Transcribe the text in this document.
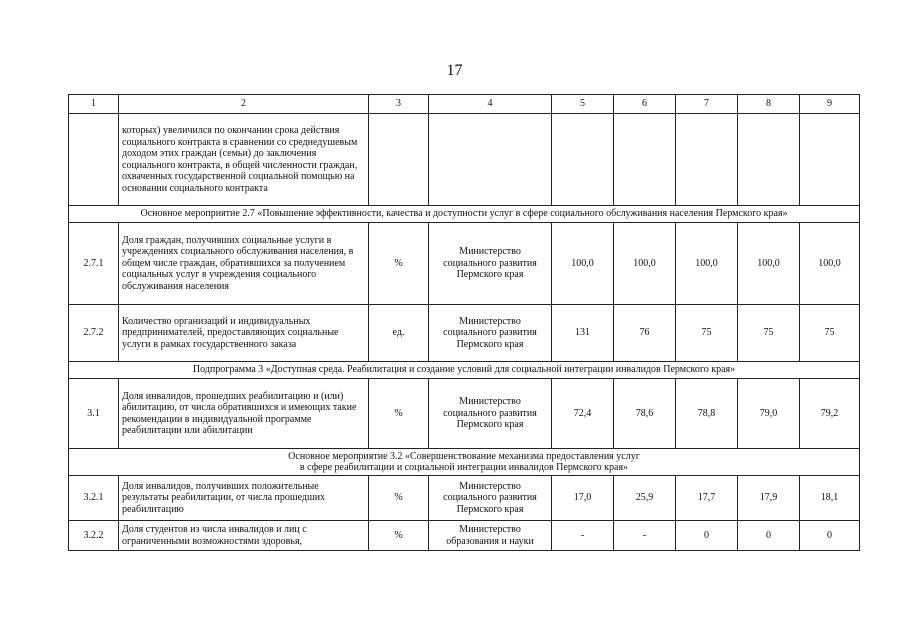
17
1	2	3	4	5	6	7	8	9
	которых) увеличился по окончании срока действия социального контракта в сравнении со среднедушевым доходом этих граждан (семьи) до заключения социального контракта, в общей численности граждан, охваченных государственной социальной помощью на основании социального контракта							
Основное мероприятие 2.7 «Повышение эффективности, качества и доступности услуг в сфере социального обслуживания населения Пермского края»								
2.7.1	Доля граждан, получивших социальные услуги в учреждениях социального обслуживания населения, в общем числе граждан, обратившихся за получением социальных услуг в учреждения социального обслуживания населения	%	Министерство социального развития Пермского края	100,0	100,0	100,0	100,0	100,0
2.7.2	Количество организаций и индивидуальных предпринимателей, предоставляющих социальные услуги в рамках государственного заказа	ед.	Министерство социального развития Пермского края	131	76	75	75	75
Подпрограмма 3 «Доступная среда. Реабилитация и создание условий для социальной интеграции инвалидов Пермского края»								
3.1	Доля инвалидов, прошедших реабилитацию и (или) абилитацию, от числа обратившихся и имеющих такие рекомендации в индивидуальной программе реабилитации или абилитации	%	Министерство социального развития Пермского края	72,4	78,6	78,8	79,0	79,2

Основное мероприятие 3.2 «Совершенствование механизма предоставления услуг
в сфере реабилитации и социальной интеграции инвалидов Пермского края»								

3.2.1	Доля инвалидов, получивших положительные результаты реабилитации, от числа прошедших реабилитацию	%	Министерство социального развития Пермского края	17,0	25,9	17,7	17,9	18,1
3.2.2	Доля студентов из числа инвалидов и лиц с ограниченными возможностями здоровья,	%	Министерство образования и науки	-	-	0	0	0
